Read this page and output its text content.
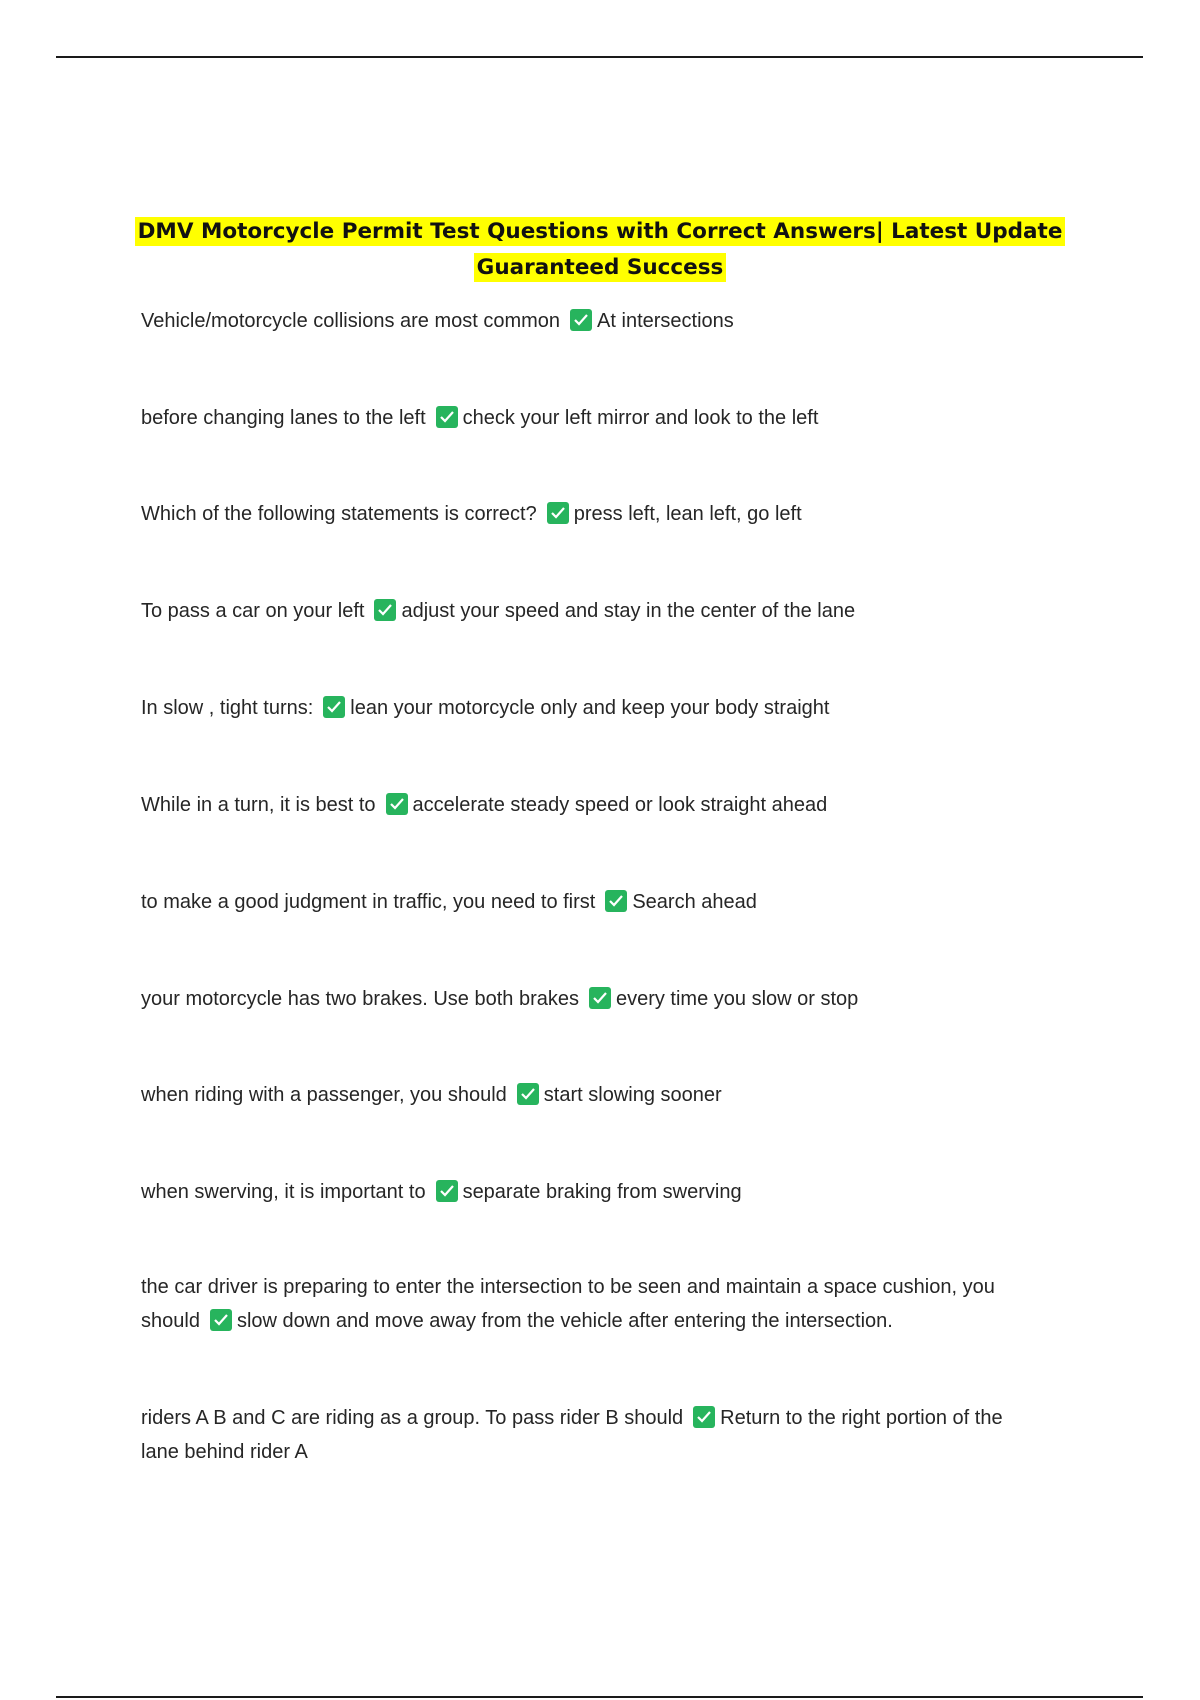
DMV Motorcycle Permit Test Questions with Correct Answers| Latest Update
Guaranteed Success
Vehicle/motorcycle collisions are most common At intersections
before changing lanes to the left check your left mirror and look to the left
Which of the following statements is correct? press left, lean left, go left
To pass a car on your left adjust your speed and stay in the center of the lane
In slow , tight turns: lean your motorcycle only and keep your body straight
While in a turn, it is best to accelerate steady speed or look straight ahead
to make a good judgment in traffic, you need to first Search ahead
your motorcycle has two brakes. Use both brakes every time you slow or stop
when riding with a passenger, you should start slowing sooner
when swerving, it is important to separate braking from swerving
the car driver is preparing to enter the intersection to be seen and maintain a space cushion, you should slow down and move away from the vehicle after entering the intersection.
riders A B and C are riding as a group. To pass rider B should Return to the right portion of the lane behind rider A
